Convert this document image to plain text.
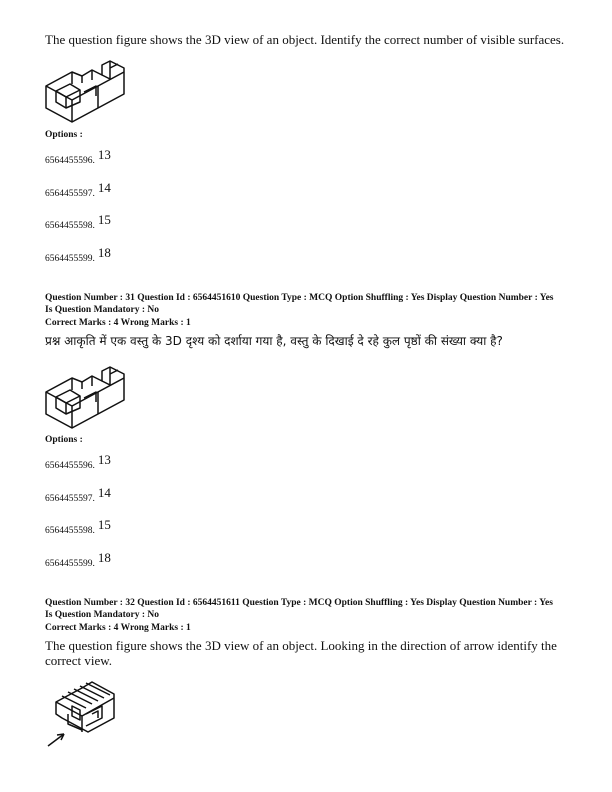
The question figure shows the 3D view of an object. Identify the correct number of visible surfaces.
Options :
6564455596. $^{13}$
6564455597. $^{14}$
6564455598. $^{15}$
6564455599. $^{18}$
Question Number : 31 Question Id : 6564451610 Question Type : MCQ Option Shuffling : Yes Display Question Number : Yes
Is Question Mandatory : No
Correct Marks : 4 Wrong Marks : 1
प्रश्न आकृति में एक वस्तु के 3D दृश्य को दर्शाया गया है, वस्तु के दिखाई दे रहे कुल पृष्ठों की संख्या क्या है?
Options :
6564455596. $^{13}$
6564455597. $^{14}$
6564455598. $^{15}$
6564455599. $^{18}$
Question Number : 32 Question Id : 6564451611 Question Type : MCQ Option Shuffling : Yes Display Question Number : Yes
Is Question Mandatory : No
Correct Marks : 4 Wrong Marks : 1
The question figure shows the 3D view of an object. Looking in the direction of arrow identify the
correct view.
